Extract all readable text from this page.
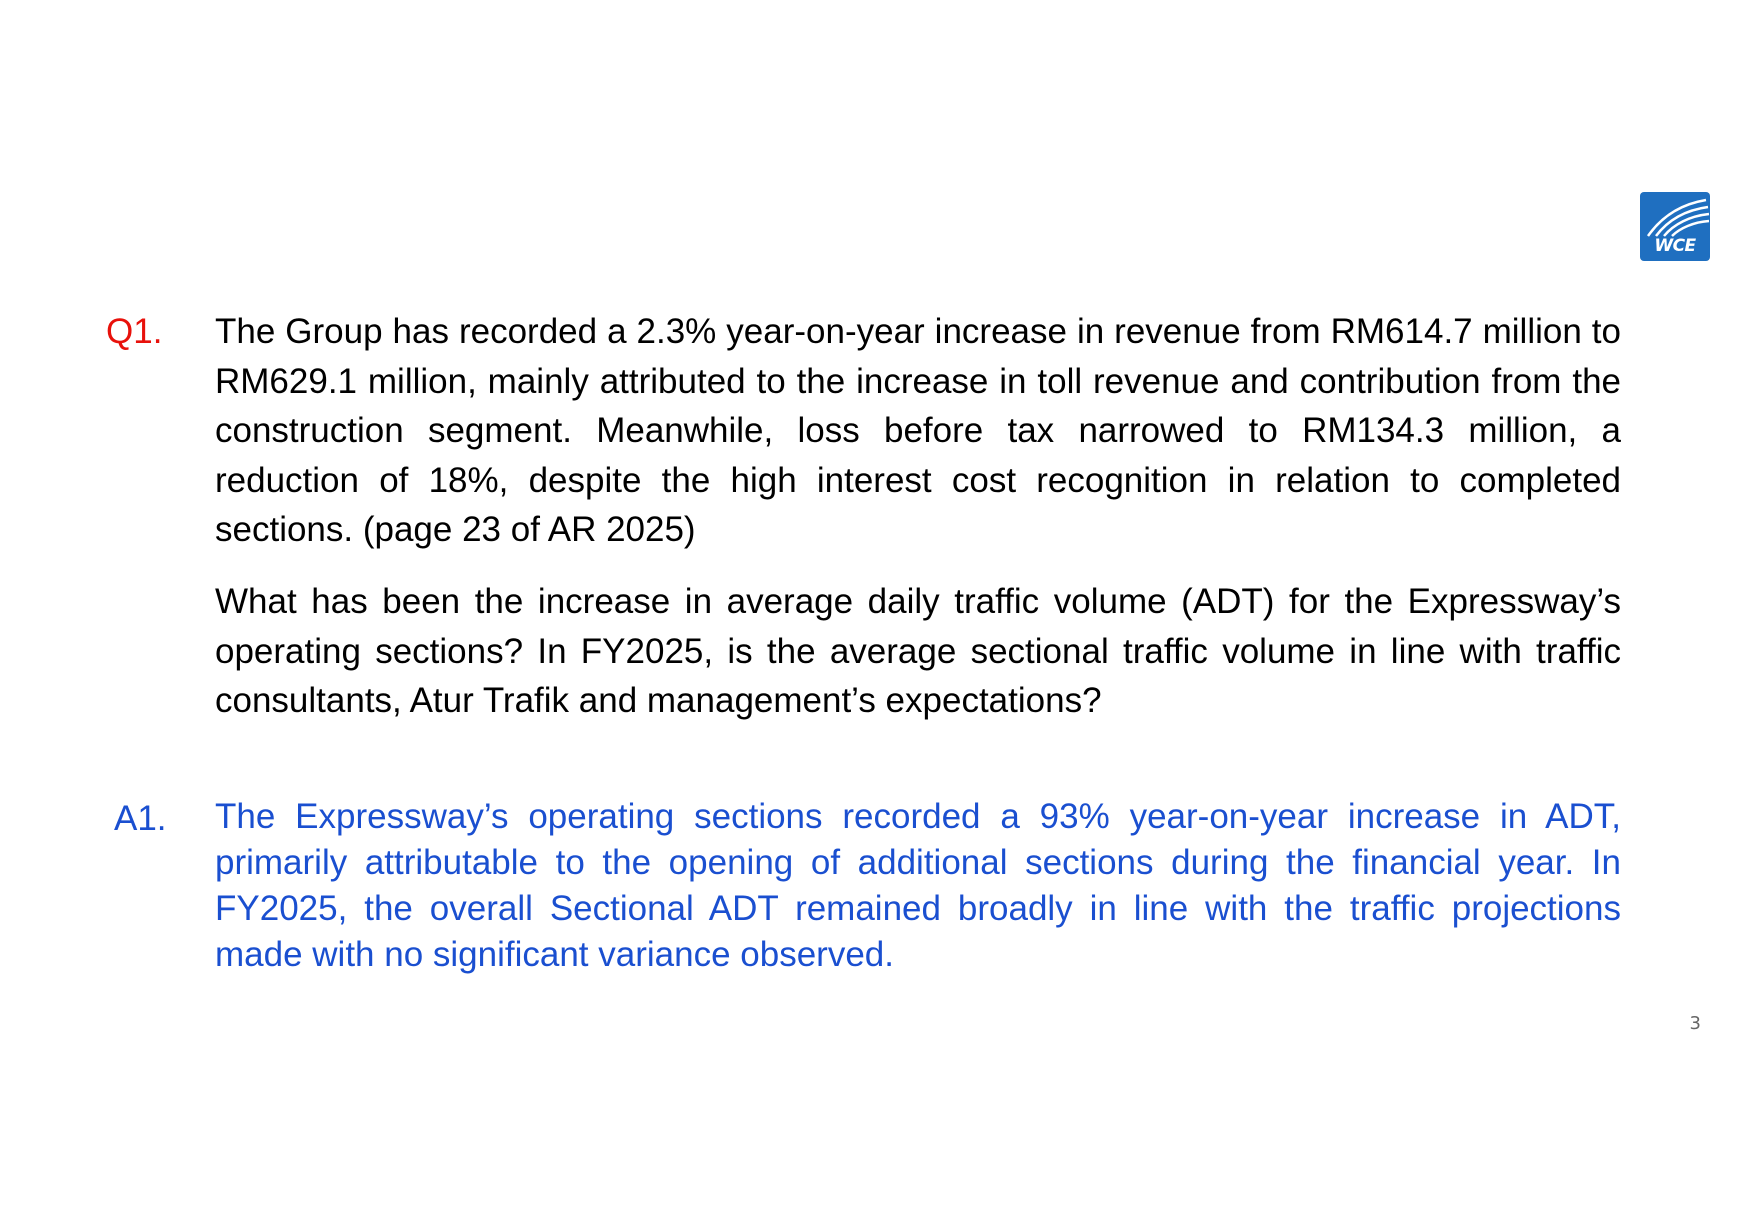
WCE
Q1. The Group has recorded a 2.3% year-on-year increase in revenue from RM614.7 million to RM629.1 million, mainly attributed to the increase in toll revenue and contribution from the construction segment. Meanwhile, loss before tax narrowed to RM134.3 million, a reduction of 18%, despite the high interest cost recognition in relation to completed sections. (page 23 of AR 2025)

What has been the increase in average daily traffic volume (ADT) for the Expressway’s operating sections? In FY2025, is the average sectional traffic volume in line with traffic consultants, Atur Trafik and management’s expectations?

A1. The Expressway’s operating sections recorded a 93% year-on-year increase in ADT, primarily attributable to the opening of additional sections during the financial year. In FY2025, the overall Sectional ADT remained broadly in line with the traffic projections made with no significant variance observed.

3
